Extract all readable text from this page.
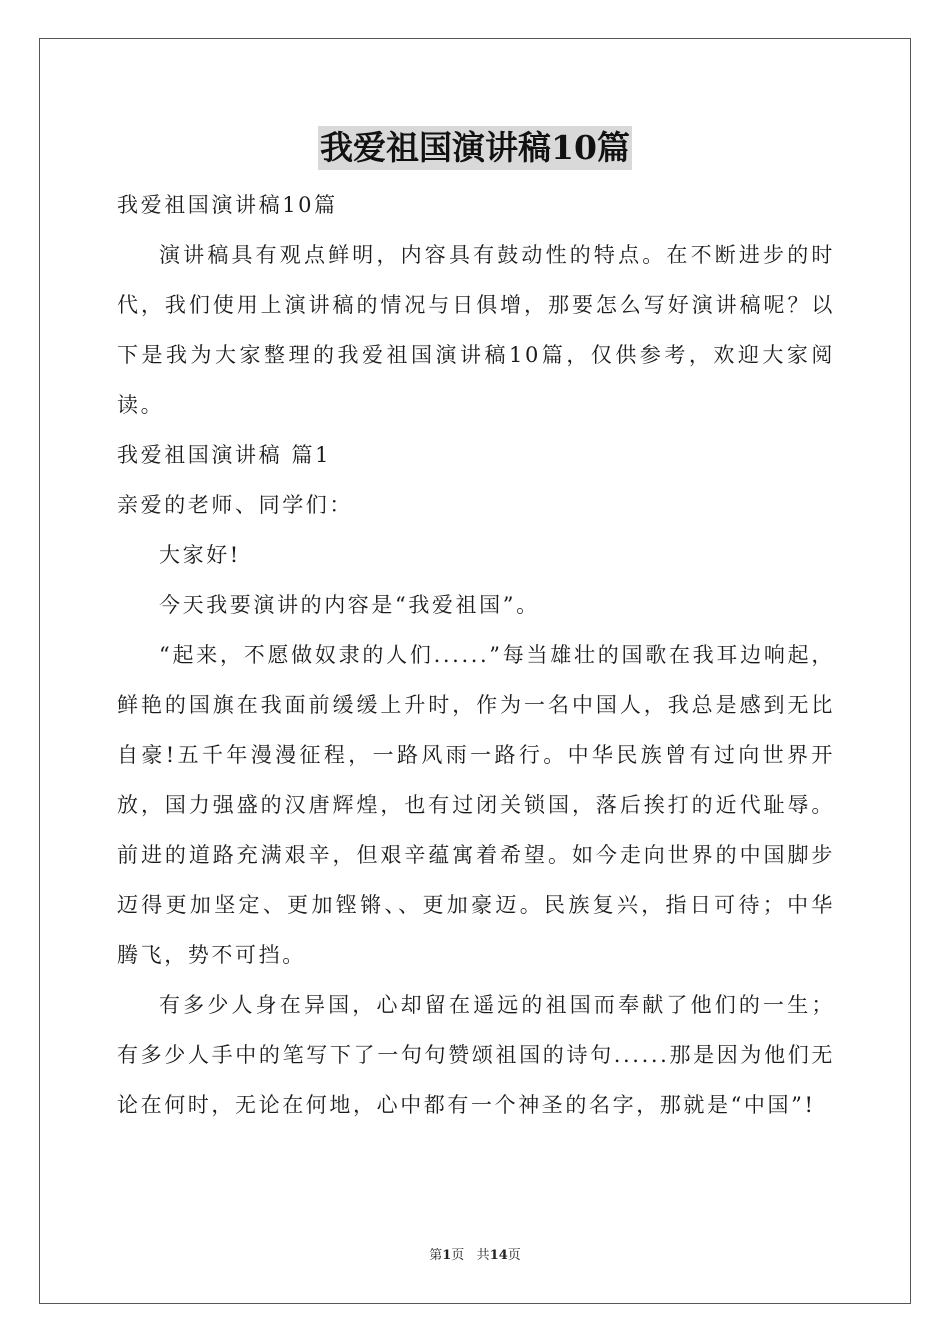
我爱祖国演讲稿10篇

我爱祖国演讲稿10篇

演讲稿具有观点鲜明，内容具有鼓动性的特点。在不断进步的时代，我们使用上演讲稿的情况与日俱增，那要怎么写好演讲稿呢？以下是我为大家整理的我爱祖国演讲稿10篇，仅供参考，欢迎大家阅读。

我爱祖国演讲稿 篇1

亲爱的老师、同学们：

大家好!

今天我要演讲的内容是“我爱祖国”。

“起来，不愿做奴隶的人们......”每当雄壮的国歌在我耳边响起，鲜艳的国旗在我面前缓缓上升时，作为一名中国人，我总是感到无比自豪!五千年漫漫征程，一路风雨一路行。中华民族曾有过向世界开放，国力强盛的汉唐辉煌，也有过闭关锁国，落后挨打的近代耻辱。前进的道路充满艰辛，但艰辛蕴寓着希望。如今走向世界的中国脚步迈得更加坚定、更加铿锵、、更加豪迈。民族复兴，指日可待；中华腾飞，势不可挡。

有多少人身在异国，心却留在遥远的祖国而奉献了他们的一生；有多少人手中的笔写下了一句句赞颂祖国的诗句......那是因为他们无论在何时，无论在何地，心中都有一个神圣的名字，那就是“中国”!

第1页 共14页
